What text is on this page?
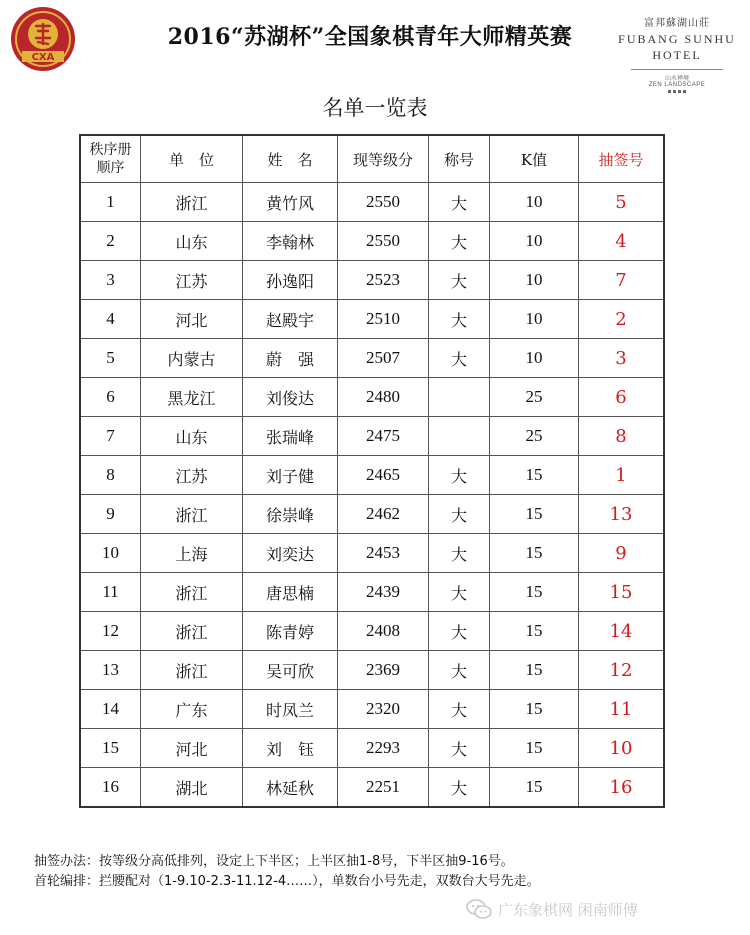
CXA
2016“苏湖杯”全国象棋青年大师精英赛
富邦蘇湖山莊
FUBANG SUNHU
HOTEL
山水禅境
ZEN LANDSCAPE
名单一览表
秩序册
顺序	单　位	姓　名	现等级分	称号	K值	抽签号
1	浙江	黄竹风	2550	大	10	5
2	山东	李翰林	2550	大	10	4
3	江苏	孙逸阳	2523	大	10	7
4	河北	赵殿宇	2510	大	10	2
5	内蒙古	蔚　强	2507	大	10	3
6	黑龙江	刘俊达	2480		25	6
7	山东	张瑞峰	2475		25	8
8	江苏	刘子健	2465	大	15	1
9	浙江	徐崇峰	2462	大	15	13
10	上海	刘奕达	2453	大	15	9
11	浙江	唐思楠	2439	大	15	15
12	浙江	陈青婷	2408	大	15	14
13	浙江	吴可欣	2369	大	15	12
14	广东	时凤兰	2320	大	15	11
15	河北	刘　钰	2293	大	15	10
16	湖北	林延秋	2251	大	15	16
抽签办法：按等级分高低排列，设定上下半区；上半区抽1-8号，下半区抽9-16号。
首轮编排：拦腰配对（1-9.10-2.3-11.12-4……），单数台小号先走，双数台大号先走。
广东象棋网 闲南师傅
